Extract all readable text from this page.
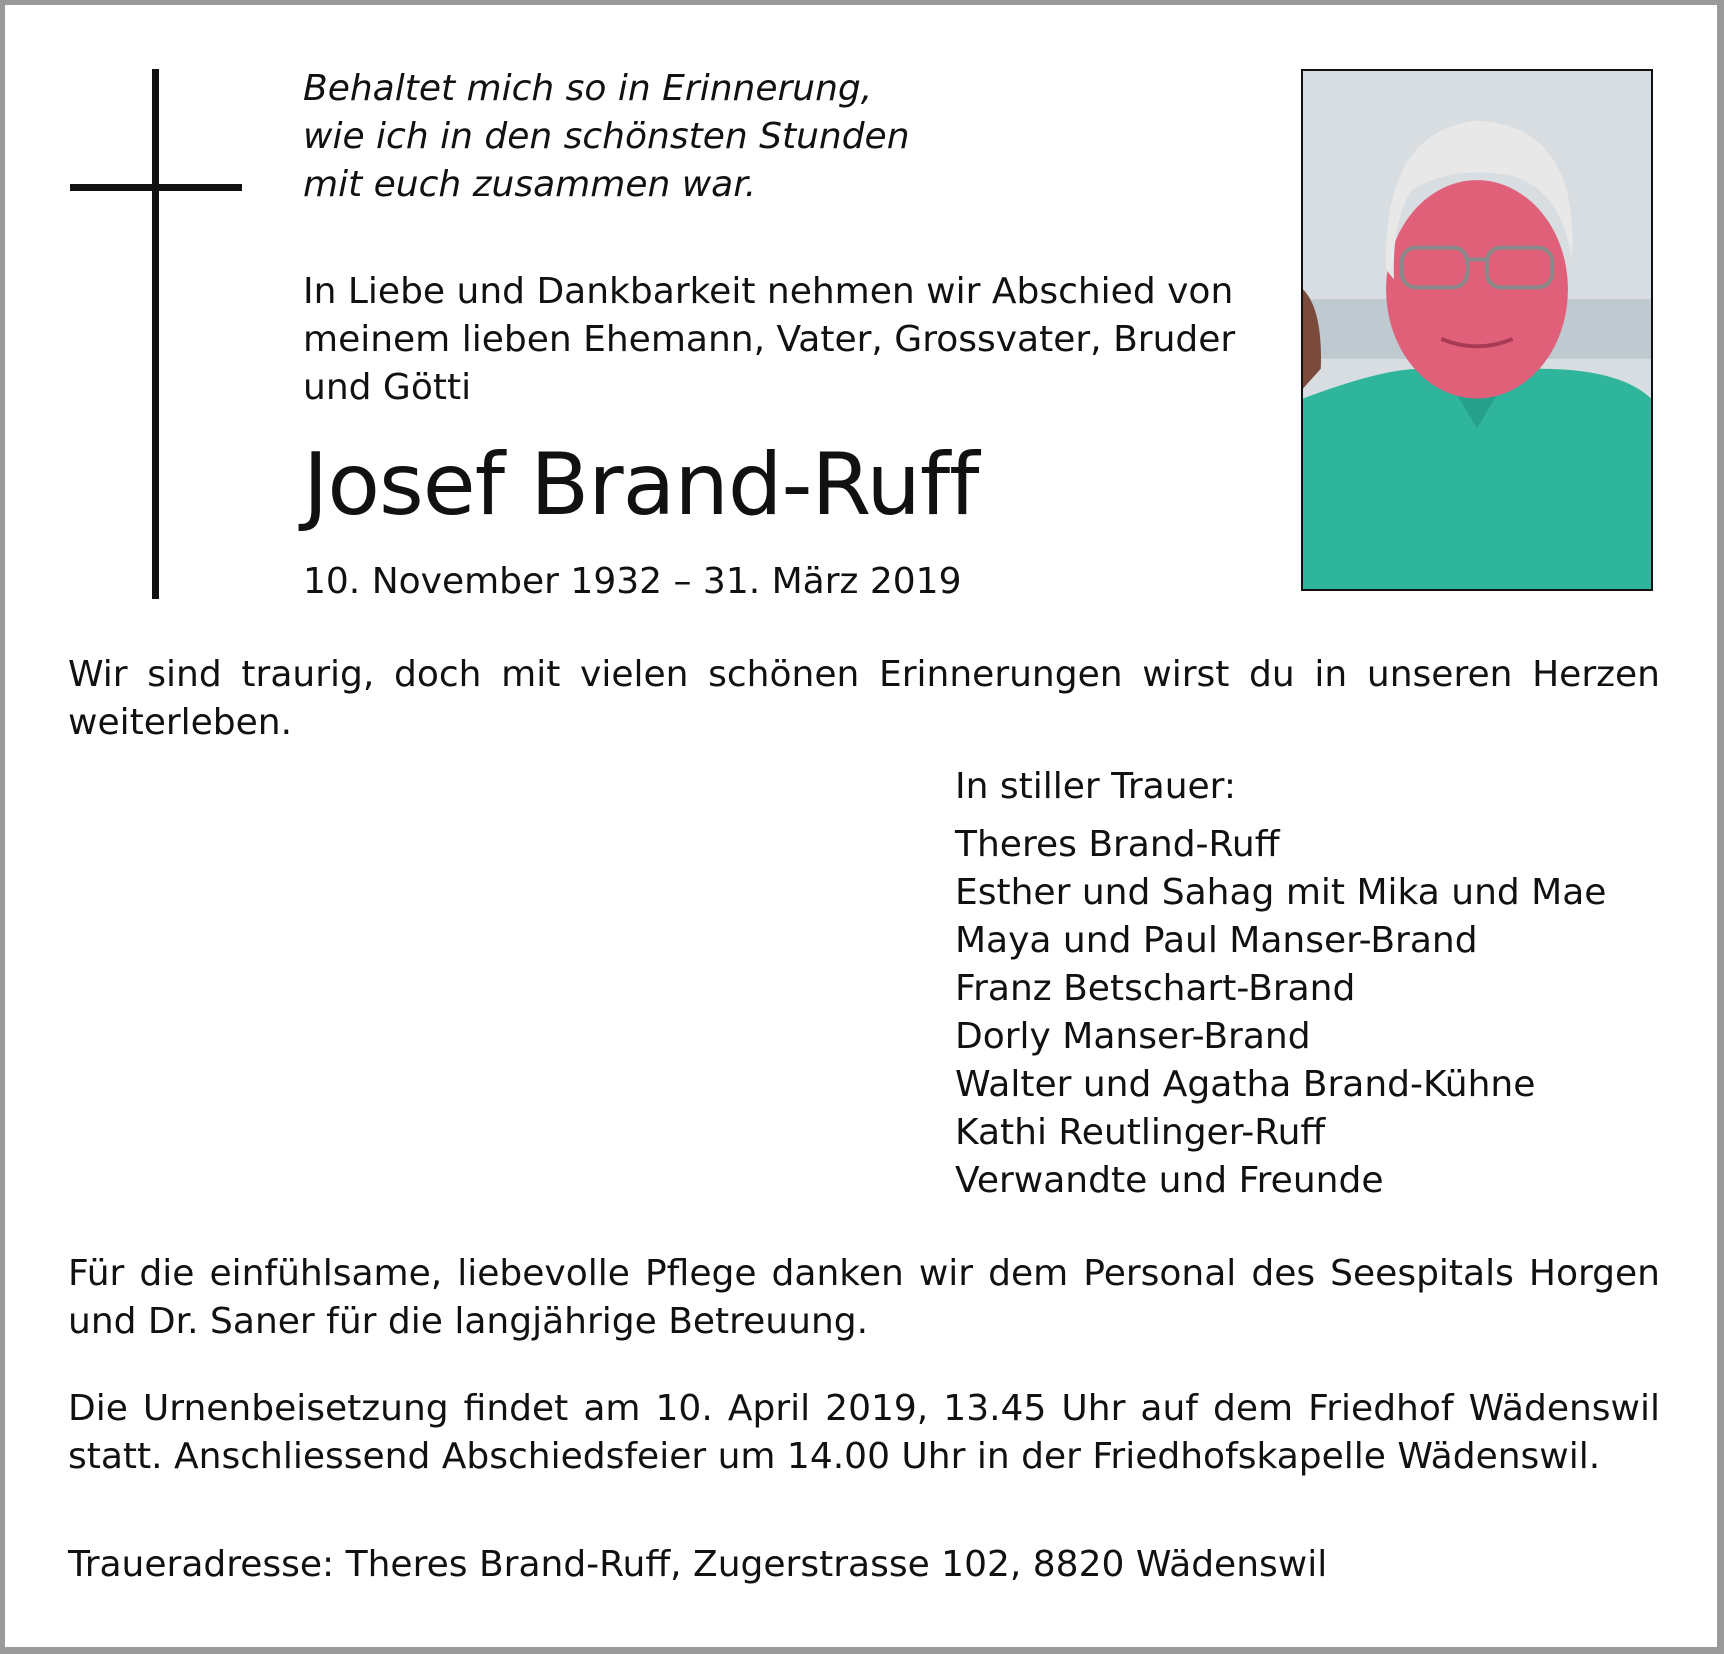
Behaltet mich so in Erinnerung,
wie ich in den schönsten Stunden
mit euch zusammen war.
In Liebe und Dankbarkeit nehmen wir Abschied von
meinem lieben Ehemann, Vater, Grossvater, Bruder
und Götti
Josef Brand-Ruff
10. November 1932 – 31. März 2019
Wir sind traurig, doch mit vielen schönen Erinnerungen wirst du in unseren Herzen weiterleben.
In stiller Trauer:
Theres Brand-Ruff
Esther und Sahag mit Mika und Mae
Maya und Paul Manser-Brand
Franz Betschart-Brand
Dorly Manser-Brand
Walter und Agatha Brand-Kühne
Kathi Reutlinger-Ruff
Verwandte und Freunde
Für die einfühlsame, liebevolle Pflege danken wir dem Personal des Seespitals Horgen und Dr. Saner für die langjährige Betreuung.
Die Urnenbeisetzung findet am 10. April 2019, 13.45 Uhr auf dem Friedhof Wädenswil statt. Anschliessend Abschiedsfeier um 14.00 Uhr in der Friedhofskapelle Wädenswil.
Traueradresse: Theres Brand-Ruff, Zugerstrasse 102, 8820 Wädenswil
